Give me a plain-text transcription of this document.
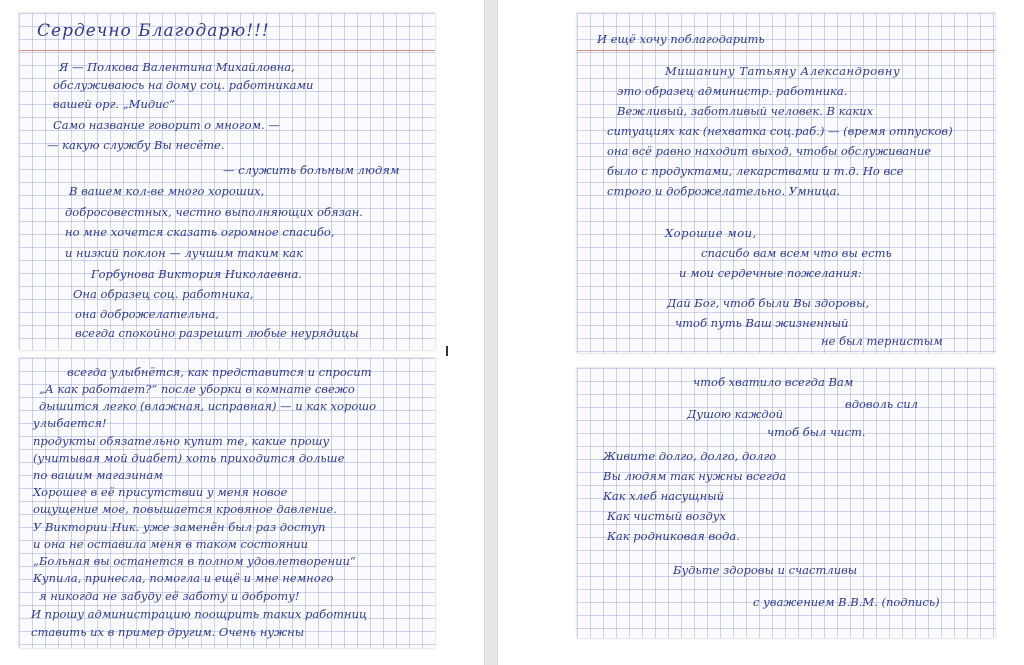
Сердечно Благодарю!!!

Я — Полкова Валентина Михайловна,

обслуживаюсь на дому соц. работниками

вашей орг. „Мидис“

Само название говорит о многом. —

— какую службу Вы несёте.

— служить больным людям

В вашем кол-ве много хороших,

добросовестных, честно выполняющих обязан.

но мне хочется сказать огромное спасибо,

и низкий поклон — лучшим таким как

Горбунова Виктория Николаевна.

Она образец соц. работника,

она доброжелательна,

всегда спокойно разрешит любые неурядицы

всегда улыбнётся, как представится и спросит

„А как работает?“ после уборки в комнате свежо

дышится легко (влажная, исправная) — и как хорошо

улыбается!

продукты обязательно купит те, какие прошу

(учитывая мой диабет) хоть приходится дольше

по вашим магазинам

Хорошее в её присутствии у меня новое

ощущение мое, повышается кровяное давление.

У Виктории Ник. уже заменён был раз доступ

и она не оставила меня в таком состоянии

„Больная вы останется в полном удовлетворении“

Купила, принесла, помогла и ещё и мне немного

я никогда не забуду её заботу и доброту!

И прошу администрацию поощрить таких работниц

ставить их в пример другим. Очень нужны

И ещё хочу поблагодарить

Мишанину Татьяну Александровну

это образец администр. работника.

Вежливый, заботливый человек. В каких

ситуациях как (нехватка соц.раб.) — (время отпусков)

она всё равно находит выход, чтобы обслуживание

было с продуктами, лекарствами и т.д. Но все

строго и доброжелательно. Умница.

Хорошие мои,

спасибо вам всем что вы есть

и мои сердечные пожелания:

Дай Бог, чтоб были Вы здоровы,

чтоб путь Ваш жизненный

не был тернистым

чтоб хватило всегда Вам

вдоволь сил

Душою каждой

чтоб был чист.

Живите долго, долго, долго

Вы людям так нужны всегда

Как хлеб насущный

Как чистый воздух

Как родниковая вода.

Будьте здоровы и счастливы

с уважением В.В.М. (подпись)
